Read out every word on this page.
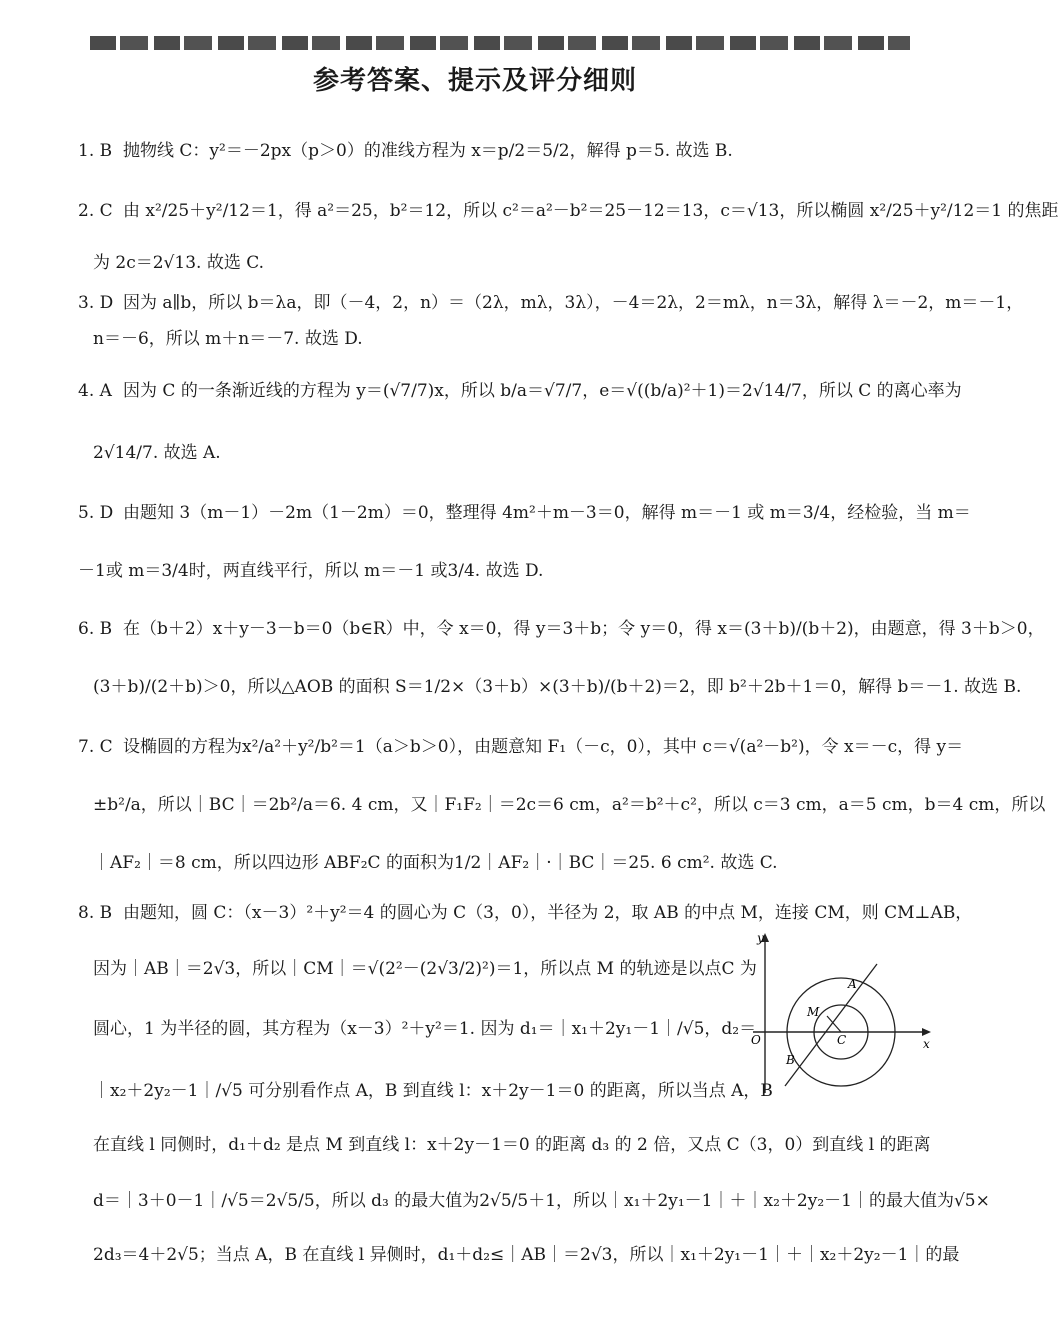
参考答案、提示及评分细则
1. B 抛物线 C：y²＝－2px（p＞0）的准线方程为 x＝p/2＝5/2，解得 p＝5. 故选 B.
2. C 由 x²/25＋y²/12＝1，得 a²＝25，b²＝12，所以 c²＝a²－b²＝25－12＝13，c＝√13，所以椭圆 x²/25＋y²/12＝1 的焦距
为 2c＝2√13. 故选 C.
3. D 因为 a∥b，所以 b＝λa，即（－4，2，n）＝（2λ，mλ，3λ），－4＝2λ，2＝mλ，n＝3λ，解得 λ＝－2，m＝－1，
n＝－6，所以 m＋n＝－7. 故选 D.
4. A 因为 C 的一条渐近线的方程为 y＝(√7/7)x，所以 b/a＝√7/7，e＝√((b/a)²＋1)＝2√14/7，所以 C 的离心率为
2√14/7. 故选 A.
5. D 由题知 3（m－1）－2m（1－2m）＝0，整理得 4m²＋m－3＝0，解得 m＝－1 或 m＝3/4，经检验，当 m＝
－1或 m＝3/4时，两直线平行，所以 m＝－1 或3/4. 故选 D.
6. B 在（b＋2）x＋y－3－b＝0（b∈R）中，令 x＝0，得 y＝3＋b；令 y＝0，得 x＝(3＋b)/(b＋2)，由题意，得 3＋b＞0，
(3＋b)/(2＋b)＞0，所以△AOB 的面积 S＝1/2×（3＋b）×(3＋b)/(b＋2)＝2，即 b²＋2b＋1＝0，解得 b＝－1. 故选 B.
7. C 设椭圆的方程为x²/a²＋y²/b²＝1（a＞b＞0），由题意知 F₁（－c，0），其中 c＝√(a²－b²)，令 x＝－c，得 y＝
±b²/a，所以｜BC｜＝2b²/a＝6. 4 cm，又｜F₁F₂｜＝2c＝6 cm，a²＝b²＋c²，所以 c＝3 cm，a＝5 cm，b＝4 cm，所以
｜AF₂｜＝8 cm，所以四边形 ABF₂C 的面积为1/2｜AF₂｜·｜BC｜＝25. 6 cm². 故选 C.
8. B 由题知，圆 C：（x－3）²＋y²＝4 的圆心为 C（3，0），半径为 2，取 AB 的中点 M，连接 CM，则 CM⊥AB，
因为｜AB｜＝2√3，所以｜CM｜＝√(2²－(2√3/2)²)＝1，所以点 M 的轨迹是以点C 为
圆心，1 为半径的圆，其方程为（x－3）²＋y²＝1. 因为 d₁＝｜x₁＋2y₁－1｜/√5，d₂＝
｜x₂＋2y₂－1｜/√5 可分别看作点 A，B 到直线 l：x＋2y－1＝0 的距离，所以当点 A，B
在直线 l 同侧时，d₁＋d₂ 是点 M 到直线 l：x＋2y－1＝0 的距离 d₃ 的 2 倍，又点 C（3，0）到直线 l 的距离
d＝｜3＋0－1｜/√5＝2√5/5，所以 d₃ 的最大值为2√5/5＋1，所以｜x₁＋2y₁－1｜＋｜x₂＋2y₂－1｜的最大值为√5×
2d₃＝4＋2√5；当点 A，B 在直线 l 异侧时，d₁＋d₂≤｜AB｜＝2√3，所以｜x₁＋2y₁－1｜＋｜x₂＋2y₂－1｜的最
y
x
O	C
M
A
B
